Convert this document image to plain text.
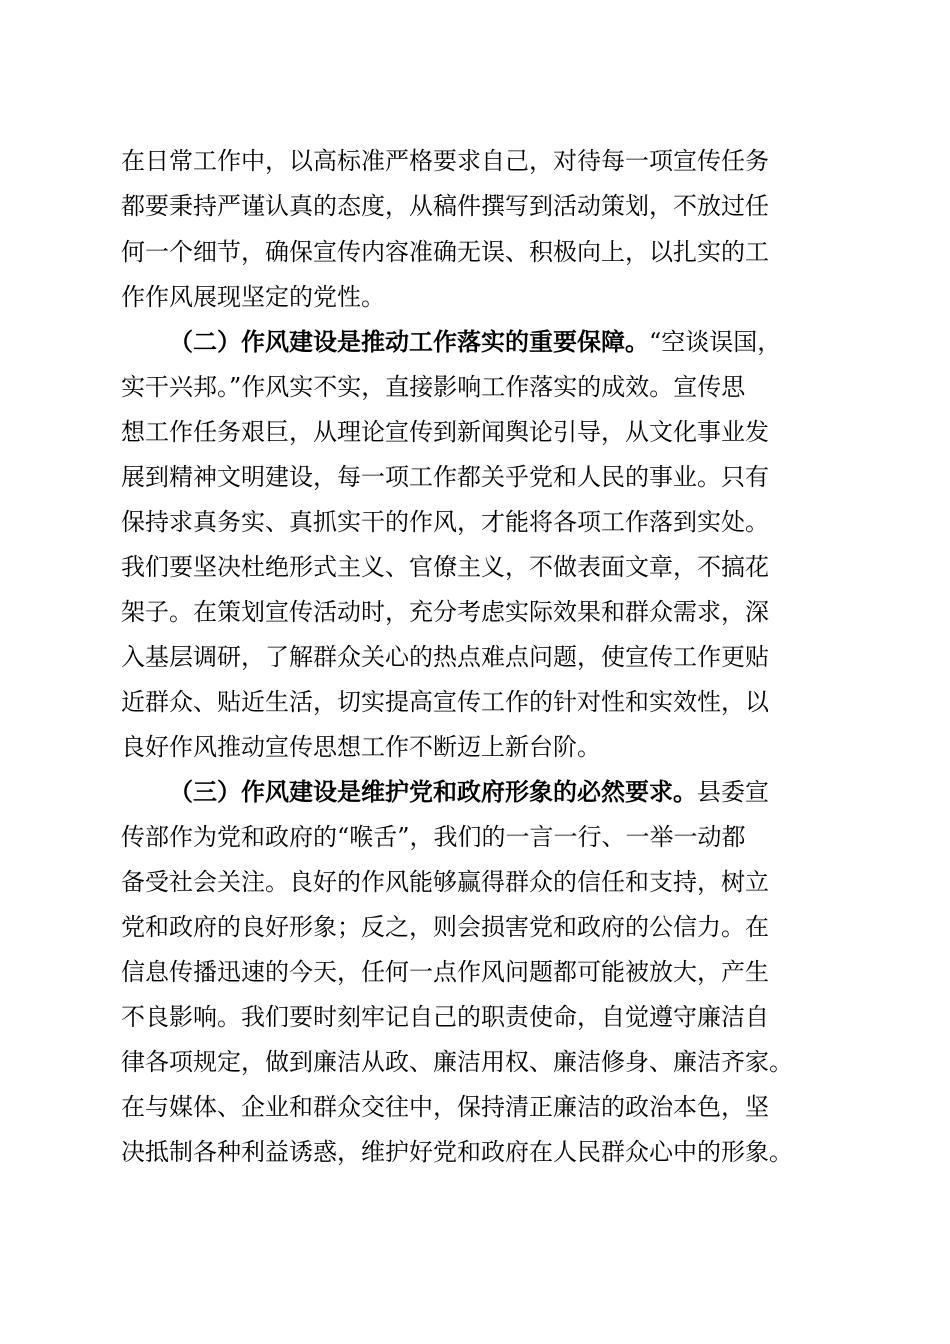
在日常工作中，以高标准严格要求自己，对待每一项宣传任务
都要秉持严谨认真的态度，从稿件撰写到活动策划，不放过任
何一个细节，确保宣传内容准确无误、积极向上，以扎实的工
作作风展现坚定的党性。
（二）作风建设是推动工作落实的重要保障。“空谈误国，
实干兴邦。”作风实不实，直接影响工作落实的成效。宣传思
想工作任务艰巨，从理论宣传到新闻舆论引导，从文化事业发
展到精神文明建设，每一项工作都关乎党和人民的事业。只有
保持求真务实、真抓实干的作风，才能将各项工作落到实处。
我们要坚决杜绝形式主义、官僚主义，不做表面文章，不搞花
架子。在策划宣传活动时，充分考虑实际效果和群众需求，深
入基层调研，了解群众关心的热点难点问题，使宣传工作更贴
近群众、贴近生活，切实提高宣传工作的针对性和实效性，以
良好作风推动宣传思想工作不断迈上新台阶。
（三）作风建设是维护党和政府形象的必然要求。县委宣
传部作为党和政府的“喉舌”，我们的一言一行、一举一动都
备受社会关注。良好的作风能够赢得群众的信任和支持，树立
党和政府的良好形象；反之，则会损害党和政府的公信力。在
信息传播迅速的今天，任何一点作风问题都可能被放大，产生
不良影响。我们要时刻牢记自己的职责使命，自觉遵守廉洁自
律各项规定，做到廉洁从政、廉洁用权、廉洁修身、廉洁齐家。
在与媒体、企业和群众交往中，保持清正廉洁的政治本色，坚
决抵制各种利益诱惑，维护好党和政府在人民群众心中的形象。
